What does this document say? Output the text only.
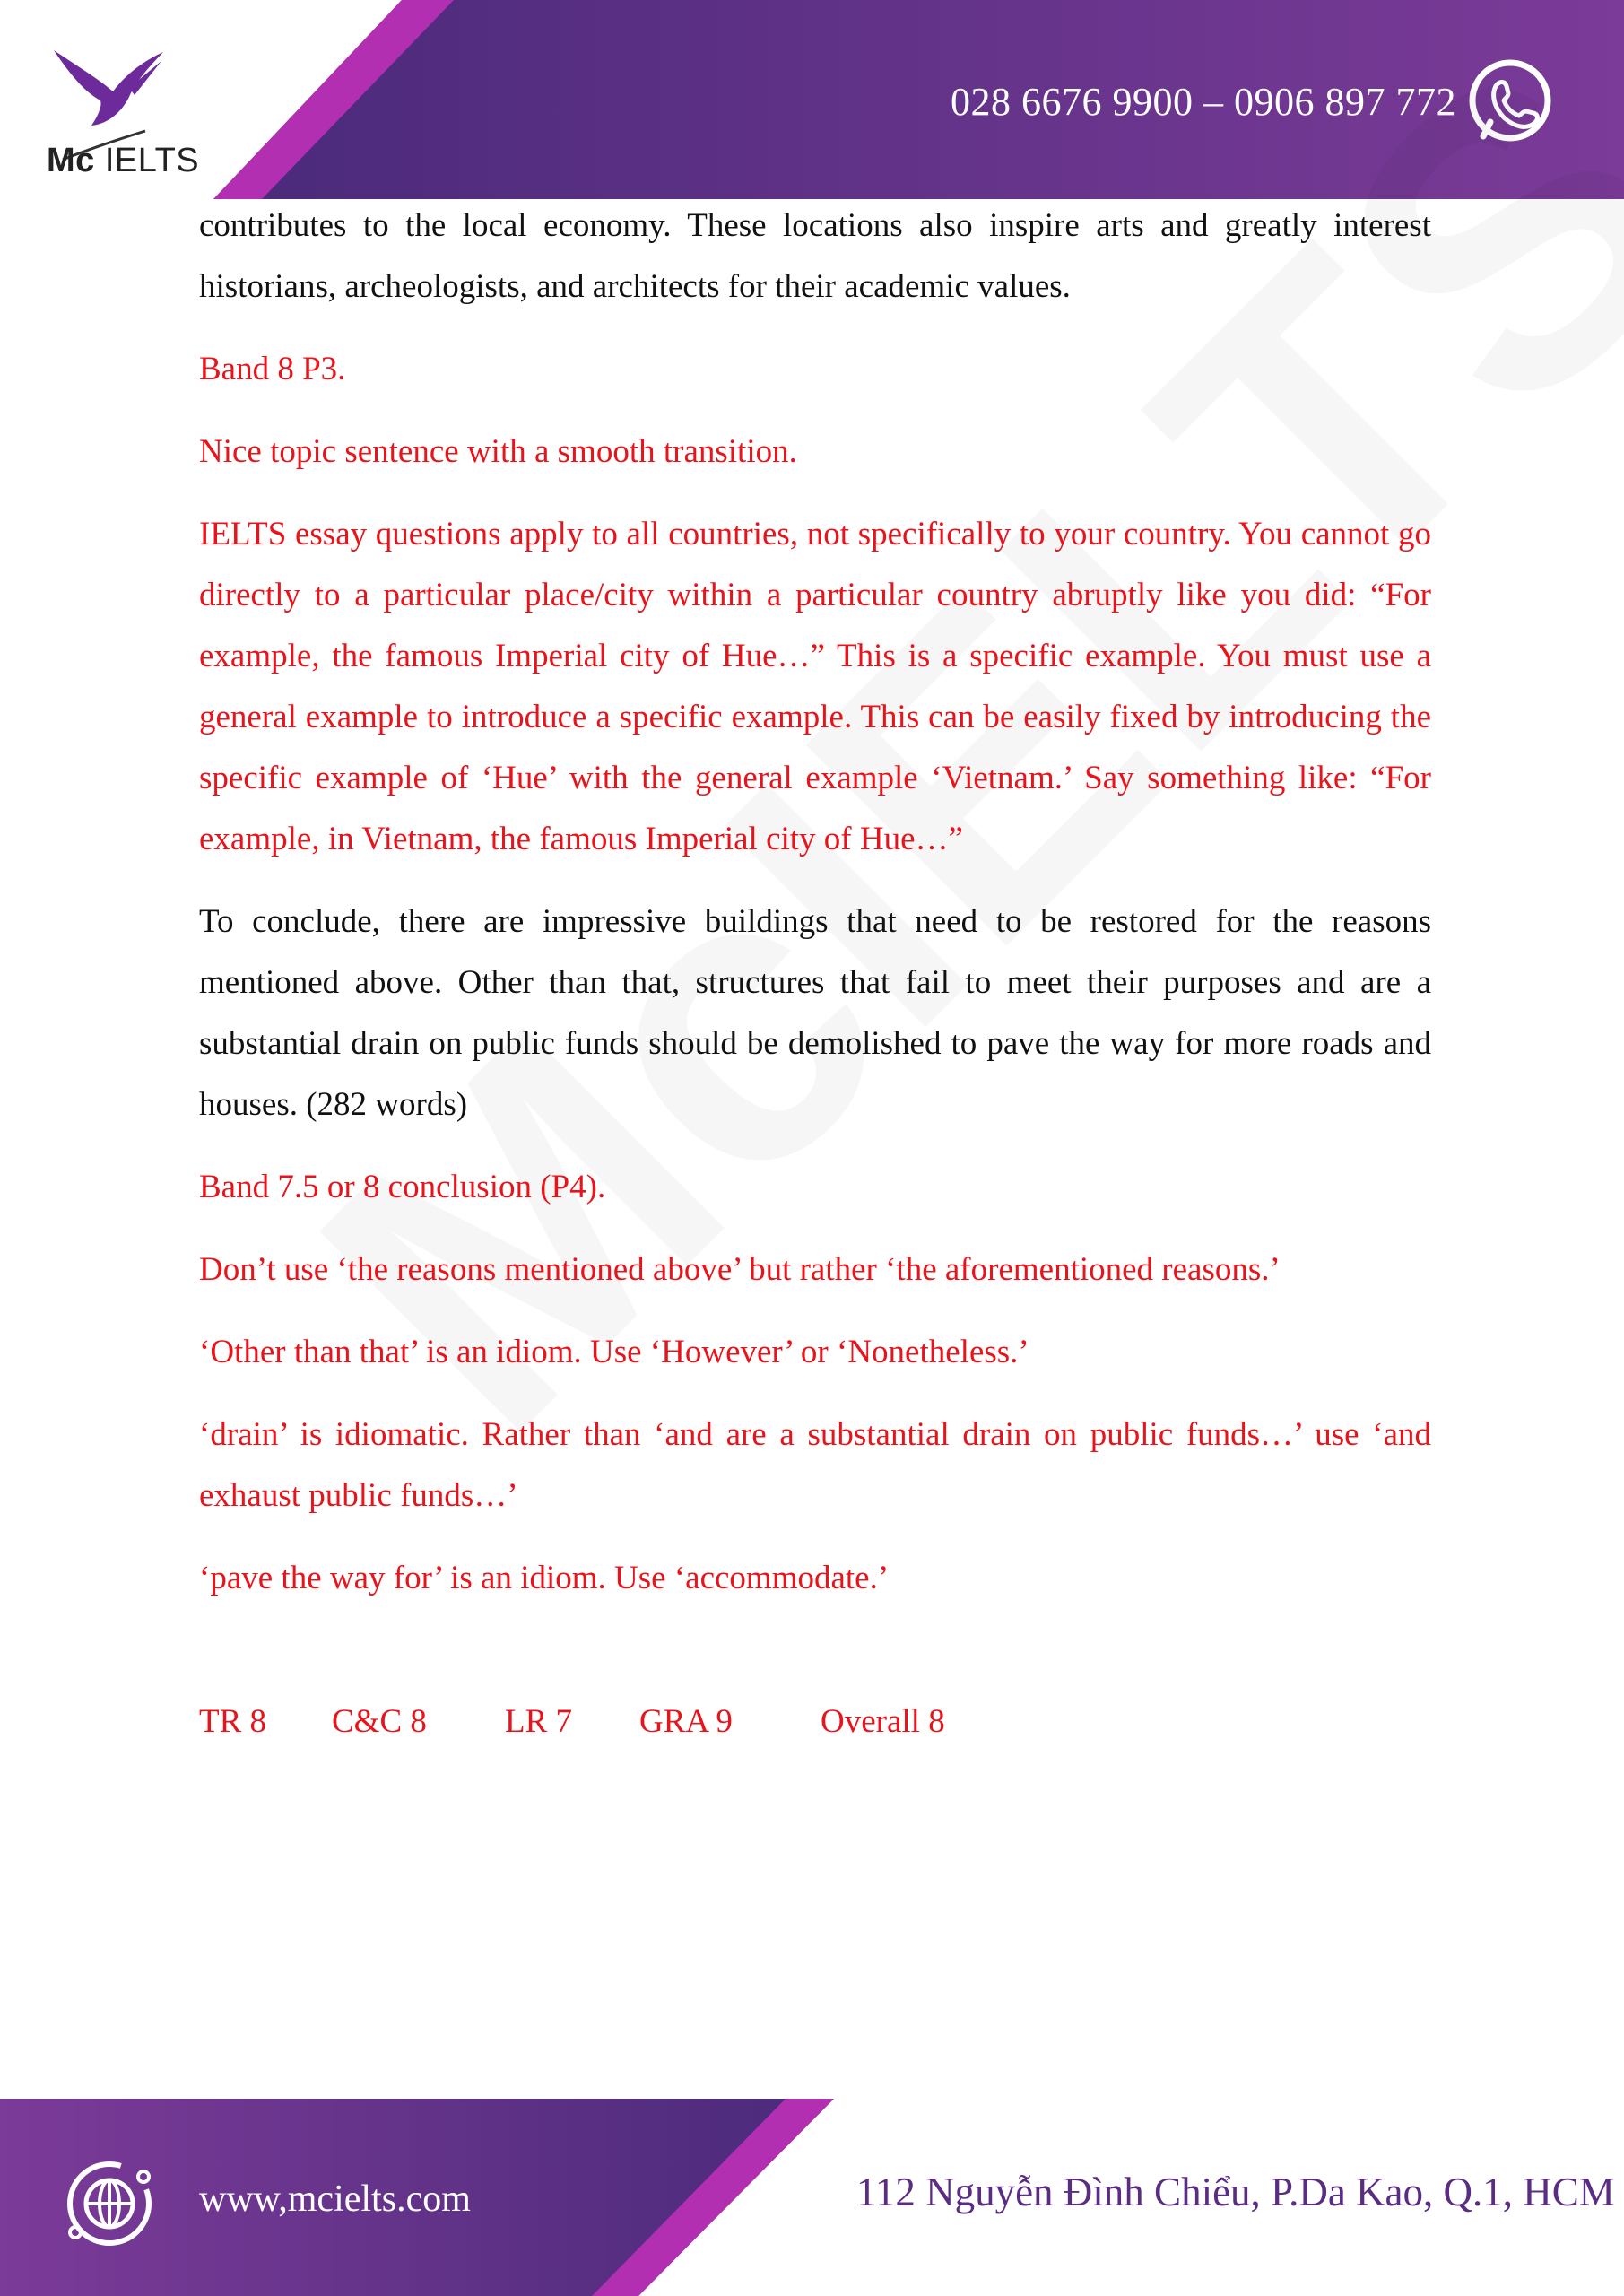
Mc IELTS
028 6676 9900 – 0906 897 772

contributes to the local economy. These locations also inspire arts and greatly interest historians, archeologists, and architects for their academic values.

Band 8 P3.

Nice topic sentence with a smooth transition.

IELTS essay questions apply to all countries, not specifically to your country. You cannot go directly to a particular place/city within a particular country abruptly like you did: “For example, the famous Imperial city of Hue…” This is a specific example. You must use a general example to introduce a specific example. This can be easily fixed by introducing the specific example of ‘Hue’ with the general example ‘Vietnam.’ Say something like: “For example, in Vietnam, the famous Imperial city of Hue…”

To conclude, there are impressive buildings that need to be restored for the reasons mentioned above. Other than that, structures that fail to meet their purposes and are a substantial drain on public funds should be demolished to pave the way for more roads and houses. (282 words)

Band 7.5 or 8 conclusion (P4).

Don’t use ‘the reasons mentioned above’ but rather ‘the aforementioned reasons.’

‘Other than that’ is an idiom. Use ‘However’ or ‘Nonetheless.’

‘drain’ is idiomatic. Rather than ‘and are a substantial drain on public funds…’ use ‘and exhaust public funds…’

‘pave the way for’ is an idiom. Use ‘accommodate.’

TR 8	C&C 8	LR 7	GRA 9	Overall 8
www,mcielts.com	112 Nguyễn Đình Chiểu, P.Da Kao, Q.1, HCM
